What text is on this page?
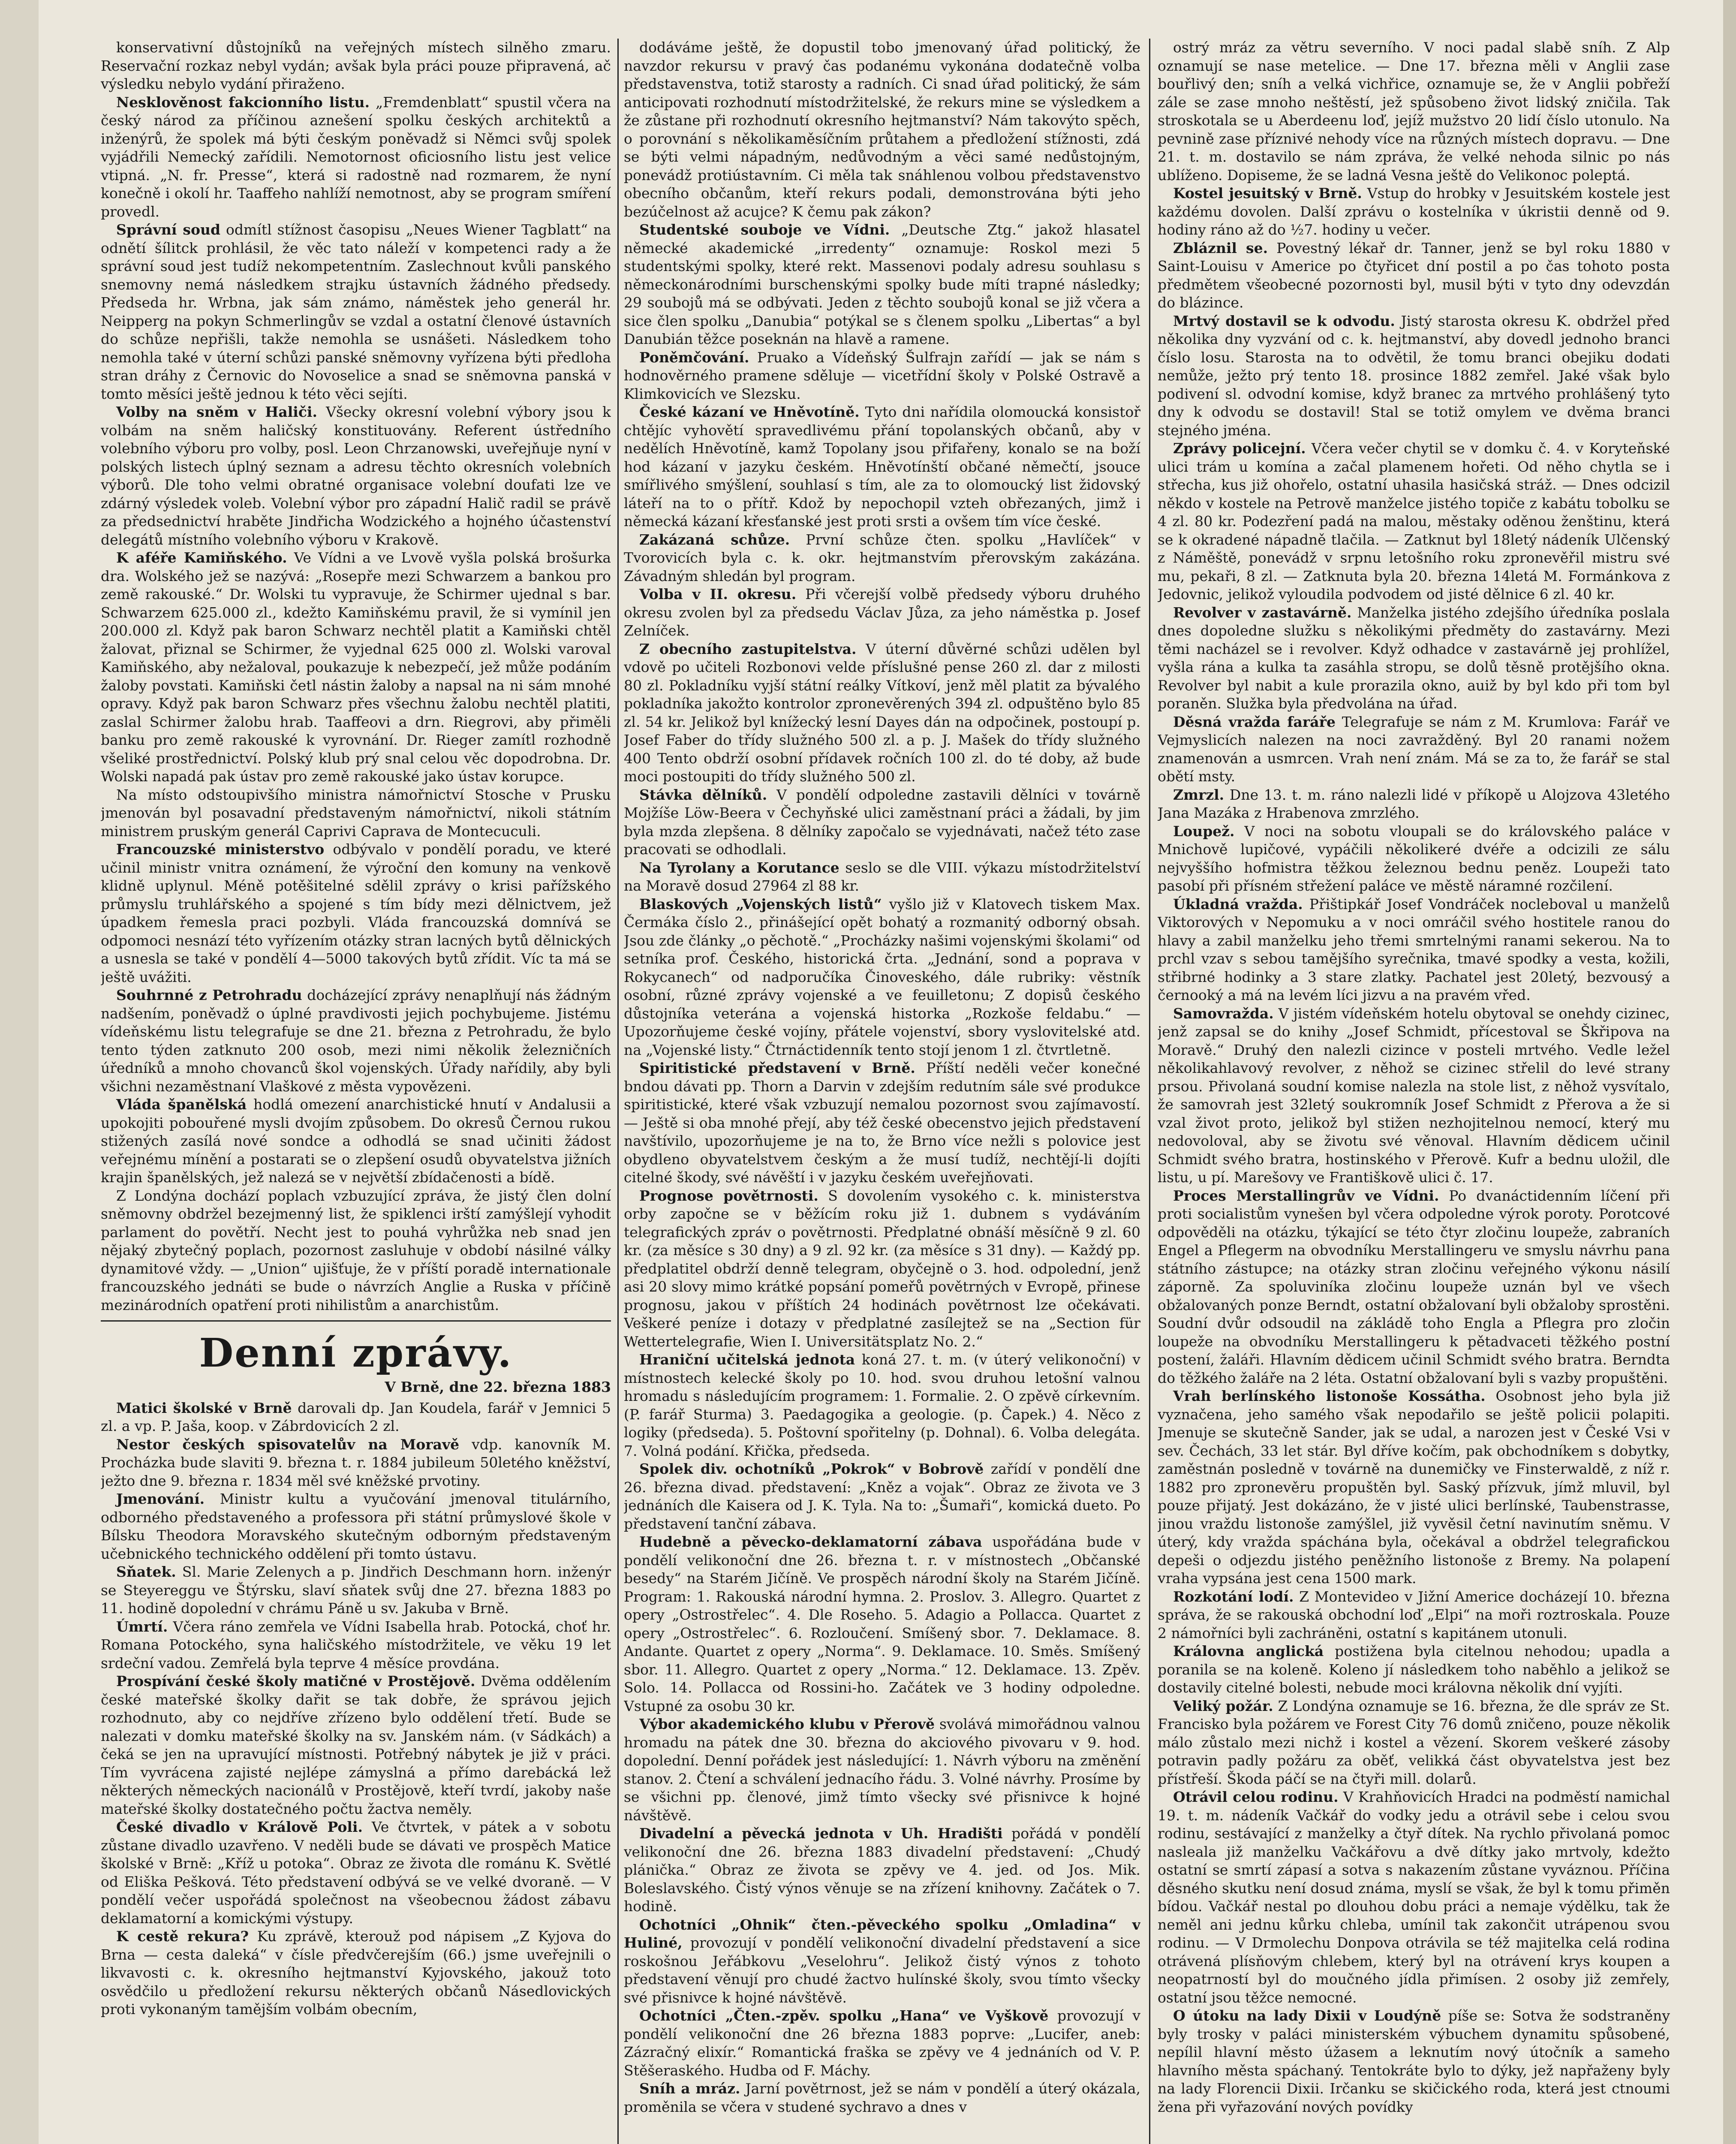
konservativní důstojníků na veřejných místech silněho zmaru. Reservační rozkaz nebyl vydán; avšak byla práci pouze připravená, ač výsledku nebylo vydání přiraženo.

Nesklověnost fakcionního listu. „Fremdenblatt“ spustil včera na český národ za příčinou aznešení spolku českých architektů a inženýrů, že spolek má býti českým poněvadž si Němci svůj spolek vyjádřili Nemecký zařídili. Nemotornost oficiosního listu jest velice vtipná. „N. fr. Presse“, která si radostně nad rozmarem, že nyní konečně i okolí hr. Taaffeho nahlíží nemotnost, aby se program smíření provedl.

Správní soud odmítl stížnost časopisu „Neues Wiener Tagblatt“ na odnětí šílitck prohlásil, že věc tato náleží v kompetenci rady a že správní soud jest tudíž nekompetentním. Zaslechnout kvůli panského snemovny nemá následkem strajku ústavních žádného předsedy. Předseda hr. Wrbna, jak sám známo, náměstek jeho generál hr. Neipperg na pokyn Schmerlingův se vzdal a ostatní členové ústavních do schůze nepřišli, takže nemohla se usnášeti. Následkem toho nemohla také v úterní schůzi panské sněmovny vyřízena býti předloha stran dráhy z Černovic do Novoselice a snad se sněmovna panská v tomto měsíci ještě jednou k této věci sejíti.

Volby na sněm v Haliči. Všecky okresní volební výbory jsou k volbám na sněm haličský konstituovány. Referent ústředního volebního výboru pro volby, posl. Leon Chrzanowski, uveřejňuje nyní v polských listech úplný seznam a adresu těchto okresních volebních výborů. Dle toho velmi obratné organisace volební doufati lze ve zdárný výsledek voleb. Volební výbor pro západní Halič radil se právě za předsednictví hraběte Jindřicha Wodzického a hojného účastenství delegátů místního volebního výboru v Krakově.

K aféře Kamiňského. Ve Vídni a ve Lvově vyšla polská brošurka dra. Wolského jež se nazývá: „Rosepře mezi Schwarzem a bankou pro země rakouské.“ Dr. Wolski tu vypravuje, že Schirmer ujednal s bar. Schwarzem 625.000 zl., kdežto Kamiňskému pravil, že si vymínil jen 200.000 zl. Když pak baron Schwarz nechtěl platit a Kamiňski chtěl žalovat, přiznal se Schirmer, že vyjednal 625 000 zl. Wolski varoval Kamiňského, aby nežaloval, poukazuje k nebezpečí, jež může podáním žaloby povstati. Kamiňski četl nástin žaloby a napsal na ni sám mnohé opravy. Když pak baron Schwarz přes všechnu žalobu nechtěl platiti, zaslal Schirmer žalobu hrab. Taaffeovi a drn. Riegrovi, aby přiměli banku pro země rakouské k vyrovnání. Dr. Rieger zamítl rozhodně všeliké prostřednictví. Polský klub prý snal celou věc dopodrobna. Dr. Wolski napadá pak ústav pro země rakouské jako ústav korupce.

Na místo odstoupivšího ministra námořnictví Stosche v Prusku jmenován byl posavadní představeným námořnictví, nikoli státním ministrem pruským generál Caprivi Caprava de Montecuculi.

Francouzské ministerstvo odbývalo v pondělí poradu, ve které učinil ministr vnitra oznámení, že výroční den komuny na venkově klidně uplynul. Méně potěšitelné sdělil zprávy o krisi pařížského průmyslu truhlářského a spojené s tím bídy mezi dělnictvem, jež úpadkem řemesla praci pozbyli. Vláda francouzská domnívá se odpomoci nesnází této vyřízením otázky stran lacných bytů dělnických a usnesla se také v pondělí 4—5000 takových bytů zřídit. Víc ta má se ještě uvážiti.

Souhrnné z Petrohradu docházející zprávy nenaplňují nás žádným nadšením, poněvadž o úplné pravdivosti jejich pochybujeme. Jistému vídeňskému listu telegrafuje se dne 21. března z Petrohradu, že bylo tento týden zatknuto 200 osob, mezi nimi několik železničních úředníků a mnoho chovanců škol vojenských. Úřady nařídily, aby byli všichni nezaměstnaní Vlaškové z města vypovězeni.

Vláda španělská hodlá omezení anarchistické hnutí v Andalusii a upokojiti pobouřené mysli dvojím způsobem. Do okresů Černou rukou stižených zasílá nové sondce a odhodlá se snad učiniti žádost veřejnému mínění a postarati se o zlepšení osudů obyvatelstva jižních krajin španělských, jež nalezá se v největší zbídačenosti a bídě.

Z Londýna dochází poplach vzbuzující zpráva, že jistý člen dolní sněmovny obdržel bezejmenný list, že spiklenci irští zamýšlejí vyhodit parlament do povětří. Necht jest to pouhá vyhrůžka neb snad jen nějaký zbytečný poplach, pozornost zasluhuje v období násilné války dynamitové vždy. — „Union“ ujišťuje, že v příští poradě internationale francouzského jednáti se bude o návrzích Anglie a Ruska v příčině mezinárodních opatření proti nihilistům a anarchistům.

Denní zprávy.
V Brně, dne 22. března 1883

Matici školské v Brně darovali dp. Jan Koudela, farář v Jemnici 5 zl. a vp. P. Jaša, koop. v Zábrdovicích 2 zl.

Nestor českých spisovatelův na Moravě vdp. kanovník M. Procházka bude slaviti 9. března t. r. 1884 jubileum 50letého kněžství, ježto dne 9. března r. 1834 měl své kněžské prvotiny.

Jmenování. Ministr kultu a vyučování jmenoval titulárního, odborného představeného a professora při státní průmyslové škole v Bílsku Theodora Moravského skutečným odborným představeným učebnického technického oddělení při tomto ústavu.

Sňatek. Sl. Marie Zelenych a p. Jindřich Deschmann horn. inženýr se Steyereggu ve Štýrsku, slaví sňatek svůj dne 27. března 1883 po 11. hodině dopolední v chrámu Páně u sv. Jakuba v Brně.

Úmrtí. Včera ráno zemřela ve Vídni Isabella hrab. Potocká, choť hr. Romana Potockého, syna haličského místodržitele, ve věku 19 let srdeční vadou. Zemřelá byla teprve 4 měsíce provdána.

Prospívání české školy matičné v Prostějově. Dvěma oddělením české mateřské školky dařit se tak dobře, že správou jejich rozhodnuto, aby co nejdříve zřízeno bylo oddělení třetí. Bude se nalezati v domku mateřské školky na sv. Janském nám. (v Sádkách) a čeká se jen na upravující místnosti. Potřebný nábytek je již v práci. Tím vyvrácena zajisté nejlépe zámyslná a přímo darebácká lež některých německých nacionálů v Prostějově, kteří tvrdí, jakoby naše mateřské školky dostatečného počtu žactva neměly.

České divadlo v Králově Poli. Ve čtvrtek, v pátek a v sobotu zůstane divadlo uzavřeno. V neděli bude se dávati ve prospěch Matice školské v Brně: „Kříž u potoka“. Obraz ze života dle románu K. Světlé od Eliška Pešková. Této představení odbývá se ve velké dvoraně. — V pondělí večer uspořádá společnost na všeobecnou žádost zábavu deklamatorní a komickými výstupy.

K cestě rekura? Ku zprávě, kterouž pod nápisem „Z Kyjova do Brna — cesta daleká“ v čísle předvčerejším (66.) jsme uveřejnili o likvavosti c. k. okresního hejtmanství Kyjovského, jakouž toto osvědčilo u předložení rekursu některých občanů Násedlovických proti vykonaným tamějším volbám obecním,

dodáváme ještě, že dopustil tobo jmenovaný úřad politický, že navzdor rekursu v pravý čas podanému vykonána dodatečně volba představenstva, totiž starosty a radních. Ci snad úřad politický, že sám anticipovati rozhodnutí místodržitelské, že rekurs mine se výsledkem a že zůstane při rozhodnutí okresního hejtmanství? Nám takovýto spěch, o porovnání s několikaměsíčním průtahem a předložení stížnosti, zdá se býti velmi nápadným, nedůvodným a věci samé nedůstojným, ponevádž protiústavním. Ci měla tak snáhlenou volbou představenstvo obecního občanům, kteří rekurs podali, demonstrována býti jeho bezúčelnost až acujce? K čemu pak zákon?

Studentské souboje ve Vídni. „Deutsche Ztg.“ jakož hlasatel německé akademické „irredenty“ oznamuje: Roskol mezi 5 studentskými spolky, které rekt. Massenovi podaly adresu souhlasu s německonárodními burschenskými spolky bude míti trapné následky; 29 soubojů má se odbývati. Jeden z těchto soubojů konal se již včera a sice člen spolku „Danubia“ potýkal se s členem spolku „Libertas“ a byl Danubián těžce poseknán na hlavě a ramene.

Poněmčování. Pruako a Vídeňský Šulfrajn zařídí — jak se nám s hodnověrného pramene sděluje — vicetřídní školy v Polské Ostravě a Klimkovicích ve Slezsku.

České kázaní ve Hněvotíně. Tyto dni nařídila olomoucká konsistoř chtějíc vyhovětí spravedlivému přání topolanských občanů, aby v nedělích Hněvotíně, kamž Topolany jsou přifařeny, konalo se na boží hod kázaní v jazyku českém. Hněvotínští občané němečtí, jsouce smířlivého smýšlení, souhlasí s tím, ale za to olomoucký list židovský láteří na to o přítř. Kdož by nepochopil vzteh obřezaných, jimž i německá kázaní křesťanské jest proti srsti a ovšem tím více české.

Zakázaná schůze. První schůze čten. spolku „Havlíček“ v Tvorovicích byla c. k. okr. hejtmanstvím přerovským zakázána. Závadným shledán byl program.

Volba v II. okresu. Při včerejší volbě předsedy výboru druhého okresu zvolen byl za předsedu Václav Jůza, za jeho náměstka p. Josef Zelníček.

Z obecního zastupitelstva. V úterní důvěrné schůzi udělen byl vdově po učiteli Rozbonovi velde příslušné pense 260 zl. dar z milosti 80 zl. Pokladníku vyjší státní reálky Vítkoví, jenž měl platit za bývalého pokladníka jakožto kontrolor zpronevěrených 394 zl. odpuštěno bylo 85 zl. 54 kr. Jelikož byl knížecký lesní Dayes dán na odpočinek, postoupí p. Josef Faber do třídy služného 500 zl. a p. J. Mašek do třídy služného 400 Tento obdrží osobní přídavek ročních 100 zl. do té doby, až bude moci postoupiti do třídy služného 500 zl.

Stávka dělníků. V pondělí odpoledne zastavili dělníci v továrně Mojžíše Löw-Beera v Čechyňské ulici zaměstnaní práci a žádali, by jim byla mzda zlepšena. 8 dělníky započalo se vyjednávati, načež této zase pracovati se odhodlali.

Na Tyrolany a Korutance seslo se dle VIII. výkazu místodržitelství na Moravě dosud 27964 zl 88 kr.

Blaskových „Vojenských listů“ vyšlo již v Klatovech tiskem Max. Čermáka číslo 2., přinášející opět bohatý a rozmanitý odborný obsah. Jsou zde články „o pěchotě.“ „Procházky našimi vojenskými školami“ od setníka prof. Českého, historická črta. „Jednání, sond a poprava v Rokycanech“ od nadporučíka Činoveského, dále rubriky: věstník osobní, různé zprávy vojenské a ve feuilletonu; Z dopisů českého důstojníka veterána a vojenská historka „Rozkoše feldabu.“ — Upozorňujeme české vojíny, přátele vojenství, sbory vyslovitelské atd. na „Vojenské listy.“ Čtrnáctidenník tento stojí jenom 1 zl. čtvrtletně.

Spiritistické představení v Brně. Příští neděli večer konečné bndou dávati pp. Thorn a Darvin v zdejším redutním sále své produkce spiritistické, které však vzbuzují nemalou pozornost svou zajímavostí. — Ještě si oba mnohé přejí, aby též české obecenstvo jejich představení navštívilo, upozorňujeme je na to, že Brno více nežli s polovice jest obydleno obyvatelstvem českým a že musí tudíž, nechtějí-li dojíti citelné škody, své návěští i v jazyku českém uveřejňovati.

Prognose povětrnosti. S dovolením vysokého c. k. ministerstva orby započne se v běžícím roku již 1. dubnem s vydáváním telegrafických zpráv o povětrnosti. Předplatné obnáší měsíčně 9 zl. 60 kr. (za měsíce s 30 dny) a 9 zl. 92 kr. (za měsíce s 31 dny). — Každý pp. předplatitel obdrží denně telegram, obyčejně o 3. hod. odpolední, jenž asi 20 slovy mimo krátké popsání pomeřů povětrných v Evropě, přinese prognosu, jakou v příštích 24 hodinách povětrnost lze očekávati. Veškeré peníze i dotazy v předplatné zasílejtež se na „Section für Wettertelegrafie, Wien I. Universitätsplatz No. 2.“

Hraniční učitelská jednota koná 27. t. m. (v úterý velikonoční) v místnostech kelecké školy po 10. hod. svou druhou letošní valnou hromadu s následujícím programem: 1. Formalie. 2. O zpěvě církevním. (P. farář Sturma) 3. Paedagogika a geologie. (p. Čapek.) 4. Něco z logiky (předseda). 5. Poštovní spořitelny (p. Dohnal). 6. Volba delegáta. 7. Volná podání. Křička, předseda.

Spolek div. ochotníků „Pokrok“ v Bobrově zařídí v pondělí dne 26. března divad. představení: „Kněz a vojak“. Obraz ze života ve 3 jednáních dle Kaisera od J. K. Tyla. Na to: „Šumaři“, komická dueto. Po představení tanční zábava.

Hudebně a pěvecko-deklamatorní zábava uspořádána bude v pondělí velikonoční dne 26. března t. r. v místnostech „Občanské besedy“ na Starém Jičíně. Ve prospěch národní školy na Starém Jičíně. Program: 1. Rakouská národní hymna. 2. Proslov. 3. Allegro. Quartet z opery „Ostrostřelec“. 4. Dle Roseho. 5. Adagio a Pollacca. Quartet z opery „Ostrostřelec“. 6. Rozloučení. Smíšený sbor. 7. Deklamace. 8. Andante. Quartet z opery „Norma“. 9. Deklamace. 10. Směs. Smíšený sbor. 11. Allegro. Quartet z opery „Norma.“ 12. Deklamace. 13. Zpěv. Solo. 14. Pollacca od Rossini-ho. Začátek ve 3 hodiny odpoledne. Vstupné za osobu 30 kr.

Výbor akademického klubu v Přerově svolává mimořádnou valnou hromadu na pátek dne 30. března do akciového pivovaru v 9. hod. dopolední. Denní pořádek jest následující: 1. Návrh výboru na změnění stanov. 2. Čtení a schválení jednacího řádu. 3. Volné návrhy. Prosíme by se všichni pp. členové, jimž tímto všecky své přisnivce k hojné návštěvě.

Divadelní a pěvecká jednota v Uh. Hradišti pořádá v pondělí velikonoční dne 26. března 1883 divadelní představení: „Chudý plánička.“ Obraz ze života se zpěvy ve 4. jed. od Jos. Mik. Boleslavského. Čistý výnos věnuje se na zřízení knihovny. Začátek o 7. hodině.

Ochotníci „Ohnik“ čten.-pěveckého spolku „Omladina“ v Huliné, provozují v pondělí velikonoční divadelní představení a sice roskošnou Jeřábkovu „Veselohru“. Jelikož čistý výnos z tohoto představení věnují pro chudé žactvo hulínské školy, svou tímto všecky své přisnivce k hojné návštěvě.

Ochotníci „Čten.-zpěv. spolku „Hana“ ve Vyškově provozují v pondělí velikonoční dne 26 března 1883 poprve: „Lucifer, aneb: Zázračný elixír.“ Romantická fraška se zpěvy ve 4 jednáních od V. P. Stěšeraského. Hudba od F. Máchy.

Sníh a mráz. Jarní povětrnost, jež se nám v pondělí a úterý okázala, proměnila se včera v studené sychravo a dnes v

ostrý mráz za větru severního. V noci padal slabě sníh. Z Alp oznamují se nase metelice. — Dne 17. března měli v Anglii zase bouřlivý den; sníh a velká vichřice, oznamuje se, že v Anglii pobřeží zále se zase mnoho neštěstí, jež spůsobeno život lidský zničila. Tak stroskotala se u Aberdeenu loď, jejíž mužstvo 20 lidí číslo utonulo. Na pevnině zase příznivé nehody více na různých místech dopravu. — Dne 21. t. m. dostavilo se nám zpráva, že velké nehoda silnic po nás ublíženo. Dopiseme, že se ladná Vesna ještě do Velikonoc poleptá.

Kostel jesuitský v Brně. Vstup do hrobky v Jesuitském kostele jest každému dovolen. Další zprávu o kostelníka v úkristii denně od 9. hodiny ráno až do ½7. hodiny u večer.

Zbláznil se. Povestný lékař dr. Tanner, jenž se byl roku 1880 v Saint-Louisu v Americe po čtyřicet dní postil a po čas tohoto posta předmětem všeobecné pozornosti byl, musil býti v tyto dny odevzdán do blázince.

Mrtvý dostavil se k odvodu. Jistý starosta okresu K. obdržel před několika dny vyzvání od c. k. hejtmanství, aby dovedl jednoho branci číslo losu. Starosta na to odvětil, že tomu branci obejiku dodati nemůže, ježto prý tento 18. prosince 1882 zemřel. Jaké však bylo podivení sl. odvodní komise, když branec za mrtvého prohlášený tyto dny k odvodu se dostavil! Stal se totiž omylem ve dvěma branci stejného jména.

Zprávy policejní. Včera večer chytil se v domku č. 4. v Koryteňské ulici trám u komína a začal plamenem hořeti. Od něho chytla se i střecha, kus již ohořelo, ostatní uhasila hasičská stráž. — Dnes odcizil někdo v kostele na Petrově manželce jistého topiče z kabátu tobolku se 4 zl. 80 kr. Podezření padá na malou, městaky oděnou ženštinu, která se k okradené nápadně tlačila. — Zatknut byl 18letý nádeník Ulčenský z Náměště, ponevádž v srpnu letošního roku zpronevěřil mistru své mu, pekaři, 8 zl. — Zatknuta byla 20. března 14letá M. Formánkova z Jedovnic, jelikož vyloudila podvodem od jisté dělnice 6 zl. 40 kr.

Revolver v zastavárně. Manželka jistého zdejšího úředníka poslala dnes dopoledne služku s několikými předměty do zastavárny. Mezi těmi nacházel se i revolver. Když odhadce v zastavárně jej prohlížel, vyšla rána a kulka ta zasáhla stropu, se dolů těsně protějšího okna. Revolver byl nabit a kule prorazila okno, auiž by byl kdo při tom byl poraněn. Služka byla předvolána na úřad.

Děsná vražda faráře Telegrafuje se nám z M. Krumlova: Farář ve Vejmyslicích nalezen na noci zavražděný. Byl 20 ranami nožem znamenován a usmrcen. Vrah není znám. Má se za to, že farář se stal obětí msty.

Zmrzl. Dne 13. t. m. ráno nalezli lidé v příkopě u Alojzova 43letého Jana Mazáka z Hrabenova zmrzlého.

Loupež. V noci na sobotu vloupali se do královského paláce v Mnichově lupičové, vypáčili několikeré dvéře a odcizili ze sálu nejvyššího hofmistra těžkou železnou bednu peněz. Loupeži tato pasobí při přísném střežení paláce ve městě náramné rozčilení.

Úkladná vražda. Přištipkář Josef Vondráček nocleboval u manželů Viktorových v Nepomuku a v noci omráčil svého hostitele ranou do hlavy a zabil manželku jeho třemi smrtelnými ranami sekerou. Na to prchl vzav s sebou tamějšího syrečnika, tmavé spodky a vesta, kožili, střibrné hodinky a 3 stare zlatky. Pachatel jest 20letý, bezvousý a černooký a má na levém líci jizvu a na pravém vřed.

Samovražda. V jistém vídeňském hotelu obytoval se onehdy cizinec, jenž zapsal se do knihy „Josef Schmidt, přícestoval se Škřipova na Moravě.“ Druhý den nalezli cizince v posteli mrtvého. Vedle ležel několikahlavový revolver, z něhož se cizinec střelil do levé strany prsou. Přivolaná soudní komise nalezla na stole list, z něhož vysvítalo, že samovrah jest 32letý soukromník Josef Schmidt z Přerova a že si vzal život proto, jelikož byl stižen nezhojitelnou nemocí, který mu nedovoloval, aby se životu své věnoval. Hlavním dědicem učinil Schmidt svého bratra, hostinského v Přerově. Kufr a bednu uložil, dle listu, u pí. Marešovy ve Františkově ulici č. 17.

Proces Merstallingrův ve Vídni. Po dvanáctidenním líčení při proti socialistům vynešen byl včera odpoledne výrok poroty. Porotcové odpověděli na otázku, týkající se této čtyr zločinu loupeže, zabraních Engel a Pflegerm na obvodníku Merstallingeru ve smyslu návrhu pana státního zástupce; na otázky stran zločinu veřejného výkonu násilí záporně. Za spoluviníka zločinu loupeže uznán byl ve všech obžalovaných ponze Berndt, ostatní obžalovaní byli obžaloby sprostěni. Soudní dvůr odsoudil na zákládě toho Engla a Pflegra pro zločin loupeže na obvodníku Merstallingeru k pětadvaceti těžkého postní postení, žaláři. Hlavním dědicem učinil Schmidt svého bratra. Berndta do těžkého žaláře na 2 léta. Ostatní obžalovaní byli s vazby propuštěni.

Vrah berlínského listonoše Kossátha. Osobnost jeho byla již vyznačena, jeho samého však nepodařilo se ještě policii polapiti. Jmenuje se skutečně Sander, jak se udal, a narozen jest v České Vsi v sev. Čechách, 33 let stár. Byl dříve kočím, pak obchodníkem s dobytky, zaměstnán posledně v továrně na dunemičky ve Finsterwaldě, z níž r. 1882 pro zpronevěru propuštěn byl. Saský přízvuk, jímž mluvil, byl pouze přijatý. Jest dokázáno, že v jisté ulici berlínské, Taubenstrasse, jinou vraždu listonoše zamýšlel, již vyvěsil četní navinutím sněmu. V úterý, kdy vražda spáchána byla, očekával a obdržel telegrafickou depeši o odjezdu jistého peněžního listonoše z Bremy. Na polapení vraha vypsána jest cena 1500 mark.

Rozkotání lodí. Z Montevideo v Jižní Americe docházejí 10. března správa, že se rakouská obchodní loď „Elpi“ na moři roztroskala. Pouze 2 námořníci byli zachráněni, ostatní s kapitánem utonuli.

Královna anglická postižena byla citelnou nehodou; upadla a poranila se na koleně. Koleno jí následkem toho naběhlo a jelikož se dostavily citelné bolesti, nebude moci královna několik dní vyjíti.

Veliký požár. Z Londýna oznamuje se 16. března, že dle správ ze St. Francisko byla požárem ve Forest City 76 domů zničeno, pouze několik málo zůstalo mezi nichž i kostel a vězení. Skorem veškeré zásoby potravin padly požáru za oběť, velikká část obyvatelstva jest bez přístřeší. Škoda páčí se na čtyři mill. dolarů.

Otrávil celou rodinu. V Krahňovicích Hradci na podměstí namichal 19. t. m. nádeník Vačkář do vodky jedu a otrávil sebe i celou svou rodinu, sestávající z manželky a čtyř dítek. Na rychlo přivolaná pomoc nasleala již manželku Vačkářovu a dvě dítky jako mrtvoly, kdežto ostatní se smrtí zápasí a sotva s nakazením zůstane vyváznou. Příčina děsného skutku není dosud známa, myslí se však, že byl k tomu přiměn bídou. Vačkář nestal po dlouhou dobu práci a nemaje výdělku, tak že neměl ani jednu kůrku chleba, umínil tak zakončit utrápenou svou rodinu. — V Drmolechu Donpova otrávila se též majitelka celá rodina otrávená plísňovým chlebem, který byl na otrávení krys koupen a neopatrností byl do moučného jídla přimísen. 2 osoby již zemřely, ostatní jsou těžce nemocné.

O útoku na lady Dixii v Loudýně píše se: Sotva že sodstraněny byly trosky v paláci ministerském výbuchem dynamitu spůsobené, nepílil hlavní město úžasem a leknutím nový útočník a sameho hlavního města spáchaný. Tentokráte bylo to dýky, jež napřaženy byly na lady Florencii Dixii. Irčanku se skičického roda, která jest ctnoumi žena při vyřazování nových povídky
